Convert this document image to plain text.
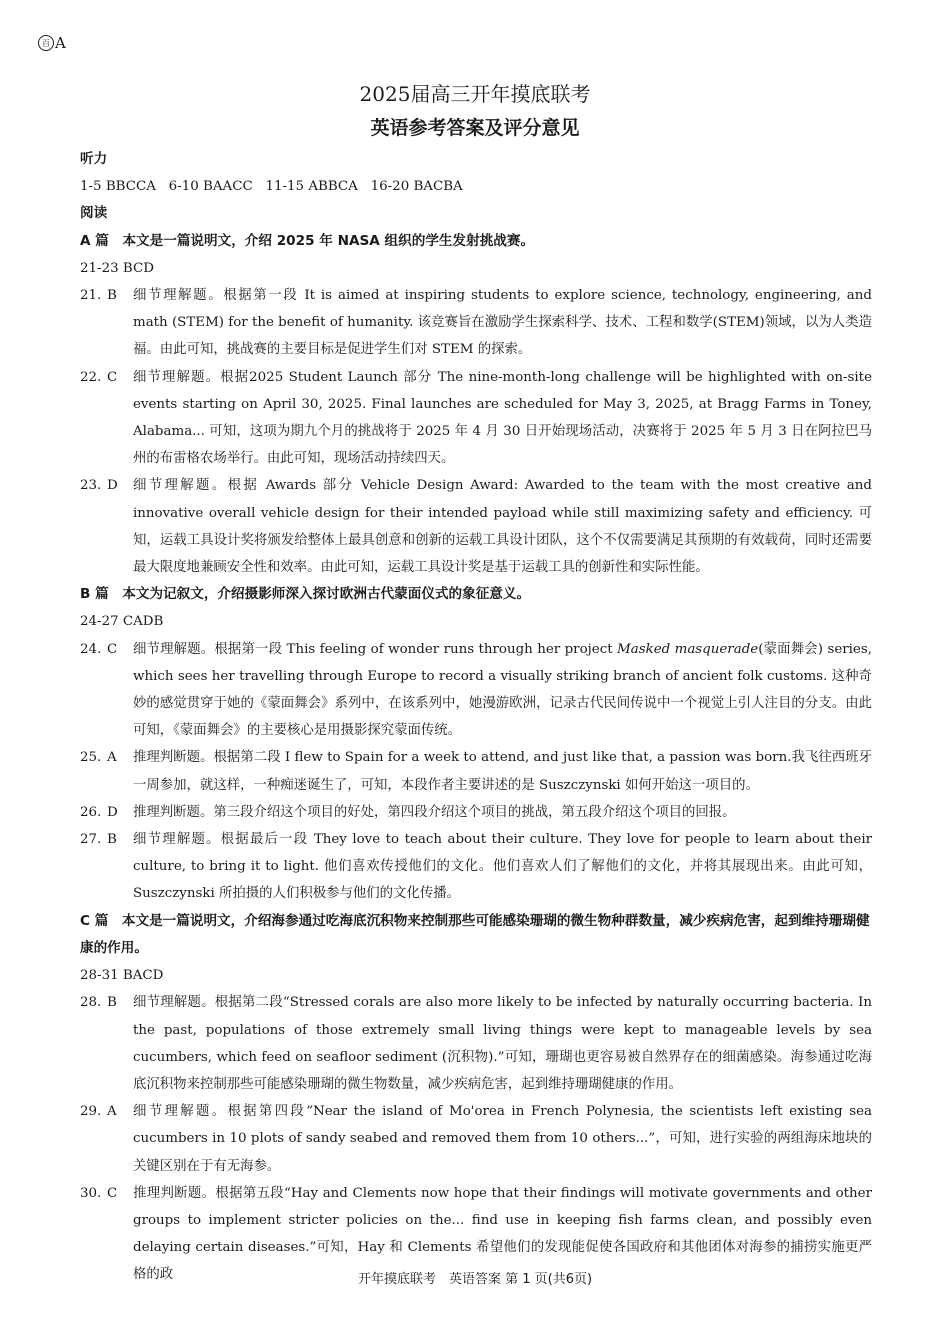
百 A
2025届高三开年摸底联考
英语参考答案及评分意见
听力
1-5 BBCCA   6-10 BAACC   11-15 ABBCA   16-20 BACBA
阅读
A 篇　本文是一篇说明文，介绍 2025 年 NASA 组织的学生发射挑战赛。
21-23 BCD
21. B	细节理解题。根据第一段 It is aimed at inspiring students to explore science, technology, engineering, and math (STEM) for the benefit of humanity. 该竞赛旨在激励学生探索科学、技术、工程和数学(STEM)领域，以为人类造福。由此可知，挑战赛的主要目标是促进学生们对 STEM 的探索。
22. C	细节理解题。根据2025 Student Launch 部分 The nine-month-long challenge will be highlighted with on-site events starting on April 30, 2025. Final launches are scheduled for May 3, 2025, at Bragg Farms in Toney, Alabama... 可知，这项为期九个月的挑战将于 2025 年 4 月 30 日开始现场活动，决赛将于 2025 年 5 月 3 日在阿拉巴马州的布雷格农场举行。由此可知，现场活动持续四天。
23. D	细节理解题。根据 Awards 部分 Vehicle Design Award: Awarded to the team with the most creative and innovative overall vehicle design for their intended payload while still maximizing safety and efficiency. 可知，运载工具设计奖将颁发给整体上最具创意和创新的运载工具设计团队，这个不仅需要满足其预期的有效载荷，同时还需要最大限度地兼顾安全性和效率。由此可知，运载工具设计奖是基于运载工具的创新性和实际性能。
B 篇　本文为记叙文，介绍摄影师深入探讨欧洲古代蒙面仪式的象征意义。
24-27 CADB
24. C	细节理解题。根据第一段 This feeling of wonder runs through her project Masked masquerade(蒙面舞会) series, which sees her travelling through Europe to record a visually striking branch of ancient folk customs. 这种奇妙的感觉贯穿于她的《蒙面舞会》系列中，在该系列中，她漫游欧洲，记录古代民间传说中一个视觉上引人注目的分支。由此可知，《蒙面舞会》的主要核心是用摄影探究蒙面传统。
25. A	推理判断题。根据第二段 I flew to Spain for a week to attend, and just like that, a passion was born.我飞往西班牙一周参加，就这样，一种痴迷诞生了，可知，本段作者主要讲述的是 Suszczynski 如何开始这一项目的。
26. D	推理判断题。第三段介绍这个项目的好处，第四段介绍这个项目的挑战，第五段介绍这个项目的回报。
27. B	细节理解题。根据最后一段 They love to teach about their culture. They love for people to learn about their culture, to bring it to light. 他们喜欢传授他们的文化。他们喜欢人们了解他们的文化，并将其展现出来。由此可知，Suszczynski 所拍摄的人们积极参与他们的文化传播。
C 篇　本文是一篇说明文，介绍海参通过吃海底沉积物来控制那些可能感染珊瑚的微生物种群数量，减少疾病危害，起到维持珊瑚健康的作用。
28-31 BACD
28. B	细节理解题。根据第二段“Stressed corals are also more likely to be infected by naturally occurring bacteria. In the past, populations of those extremely small living things were kept to manageable levels by sea cucumbers, which feed on seafloor sediment (沉积物).”可知，珊瑚也更容易被自然界存在的细菌感染。海参通过吃海底沉积物来控制那些可能感染珊瑚的微生物数量，减少疾病危害，起到维持珊瑚健康的作用。
29. A	细节理解题。根据第四段“Near the island of Mo'orea in French Polynesia, the scientists left existing sea cucumbers in 10 plots of sandy seabed and removed them from 10 others...”，可知，进行实验的两组海床地块的关键区别在于有无海参。
30. C	推理判断题。根据第五段“Hay and Clements now hope that their findings will motivate governments and other groups to implement stricter policies on the... find use in keeping fish farms clean, and possibly even delaying certain diseases.”可知，Hay 和 Clements 希望他们的发现能促使各国政府和其他团体对海参的捕捞实施更严格的政	开年摸底联考　英语答案 第 1 页(共6页)
